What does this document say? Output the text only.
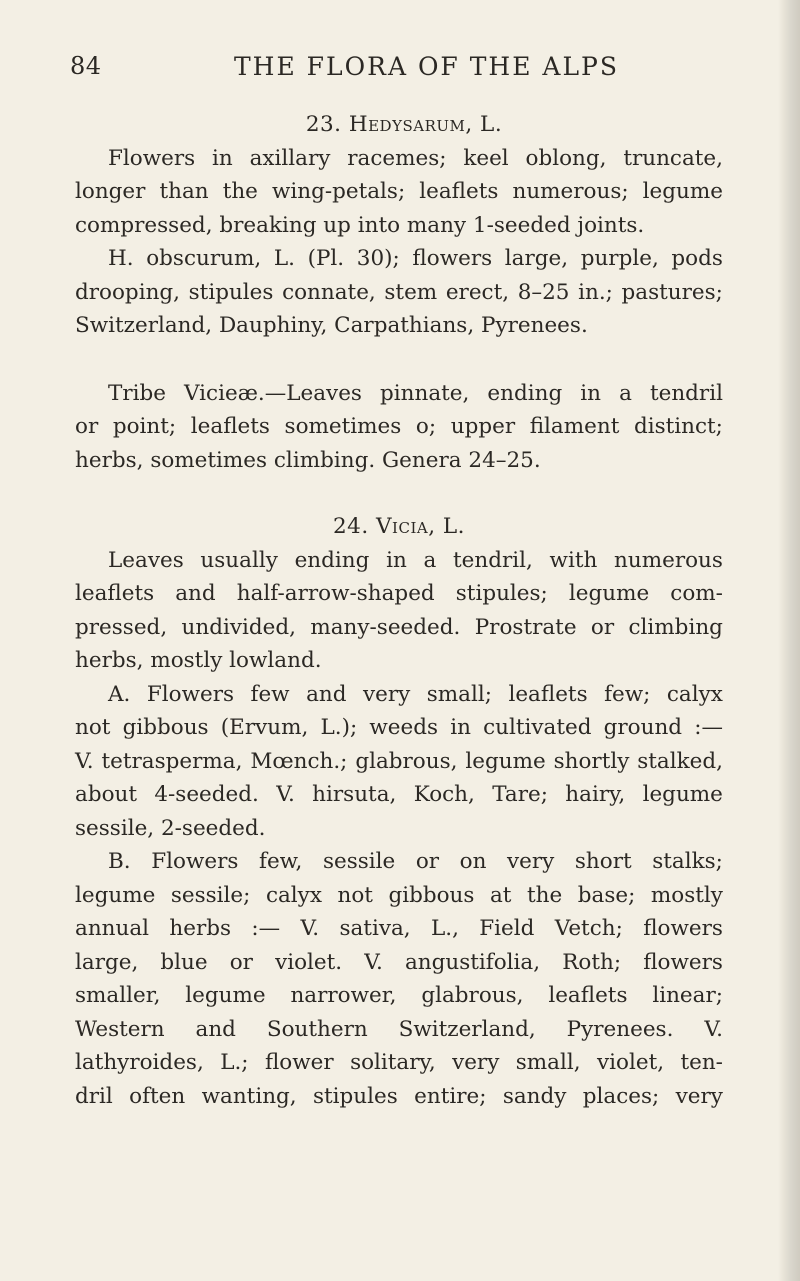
84	THE FLORA OF THE ALPS
23. Hedysarum, L.
Flowers in axillary racemes; keel oblong, truncate,
longer than the wing-petals; leaflets numerous; legume
compressed, breaking up into many 1-seeded joints.
H. obscurum, L. (Pl. 30); flowers large, purple, pods
drooping, stipules connate, stem erect, 8–25 in.; pastures;
Switzerland, Dauphiny, Carpathians, Pyrenees.
Tribe Vicieæ.—Leaves pinnate, ending in a tendril
or point; leaflets sometimes o; upper filament distinct;
herbs, sometimes climbing. Genera 24–25.
24. Vicia, L.
Leaves usually ending in a tendril, with numerous
leaflets and half-arrow-shaped stipules; legume com-
pressed, undivided, many-seeded. Prostrate or climbing
herbs, mostly lowland.
A. Flowers few and very small; leaflets few; calyx
not gibbous (Ervum, L.); weeds in cultivated ground :—
V. tetrasperma, Mœnch.; glabrous, legume shortly stalked,
about 4-seeded. V. hirsuta, Koch, Tare; hairy, legume
sessile, 2-seeded.
B. Flowers few, sessile or on very short stalks;
legume sessile; calyx not gibbous at the base; mostly
annual herbs :— V. sativa, L., Field Vetch; flowers
large, blue or violet. V. angustifolia, Roth; flowers
smaller, legume narrower, glabrous, leaflets linear;
Western and Southern Switzerland, Pyrenees. V.
lathyroides, L.; flower solitary, very small, violet, ten-
dril often wanting, stipules entire; sandy places; very
